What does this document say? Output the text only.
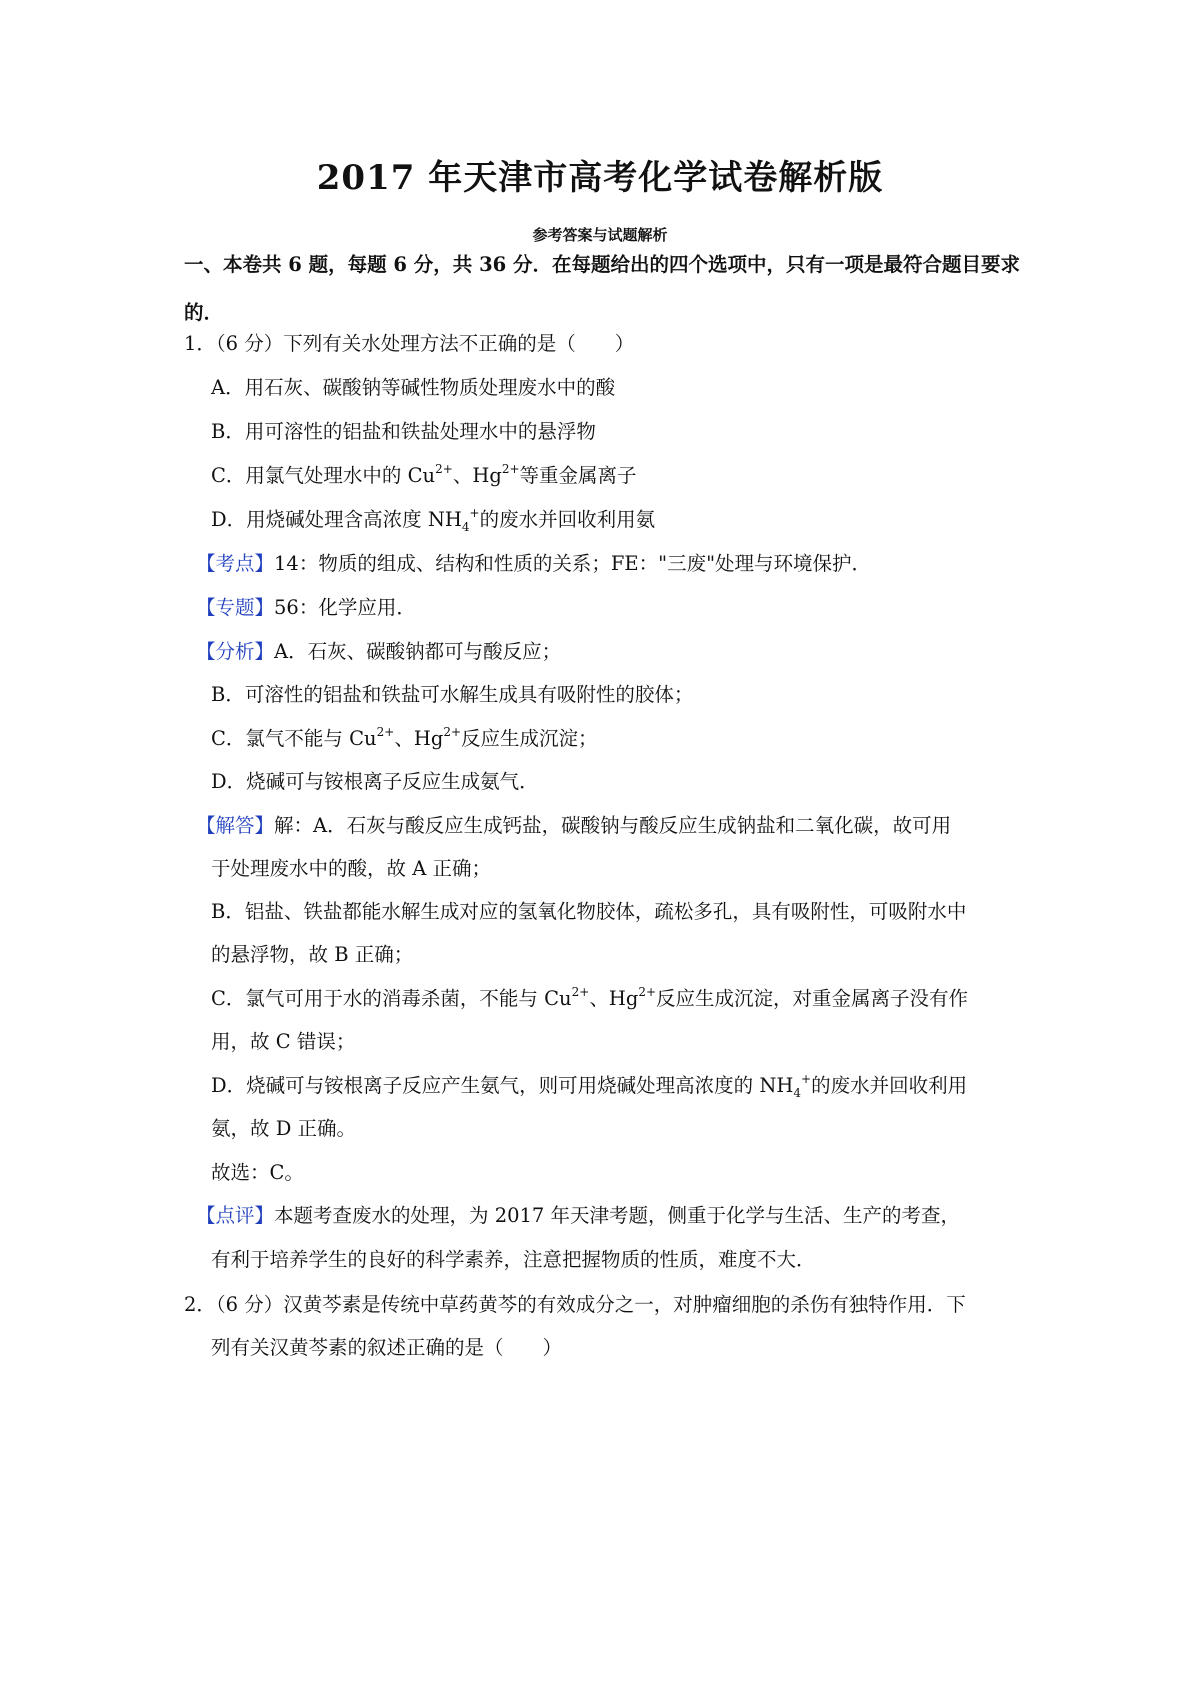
2017 年天津市高考化学试卷解析版
参考答案与试题解析
一、本卷共 6 题，每题 6 分，共 36 分．在每题给出的四个选项中，只有一项是最符合题目要求的．
1．（6 分）下列有关水处理方法不正确的是（　　）
A．用石灰、碳酸钠等碱性物质处理废水中的酸
B．用可溶性的铝盐和铁盐处理水中的悬浮物
C．用氯气处理水中的 $Cu^{2+}$、$Hg^{2+}$等重金属离子
D．用烧碱处理含高浓度 $NH_4^+$的废水并回收利用氨
【考点】14：物质的组成、结构和性质的关系；FE："三废"处理与环境保护．
【专题】56：化学应用．
【分析】A．石灰、碳酸钠都可与酸反应；
B．可溶性的铝盐和铁盐可水解生成具有吸附性的胶体；
C．氯气不能与 $Cu^{2+}$、$Hg^{2+}$反应生成沉淀；
D．烧碱可与铵根离子反应生成氨气．
【解答】解：A．石灰与酸反应生成钙盐，碳酸钠与酸反应生成钠盐和二氧化碳，故可用
于处理废水中的酸，故 A 正确；
B．铝盐、铁盐都能水解生成对应的氢氧化物胶体，疏松多孔，具有吸附性，可吸附水中
的悬浮物，故 B 正确；
C．氯气可用于水的消毒杀菌，不能与 $Cu^{2+}$、$Hg^{2+}$反应生成沉淀，对重金属离子没有作
用，故 C 错误；
D．烧碱可与铵根离子反应产生氨气，则可用烧碱处理高浓度的 $NH_4^+$的废水并回收利用
氨，故 D 正确。
故选：C。
【点评】本题考查废水的处理，为 2017 年天津考题，侧重于化学与生活、生产的考查，
有利于培养学生的良好的科学素养，注意把握物质的性质，难度不大．
2．（6 分）汉黄芩素是传统中草药黄芩的有效成分之一，对肿瘤细胞的杀伤有独特作用．下
列有关汉黄芩素的叙述正确的是（　　）
